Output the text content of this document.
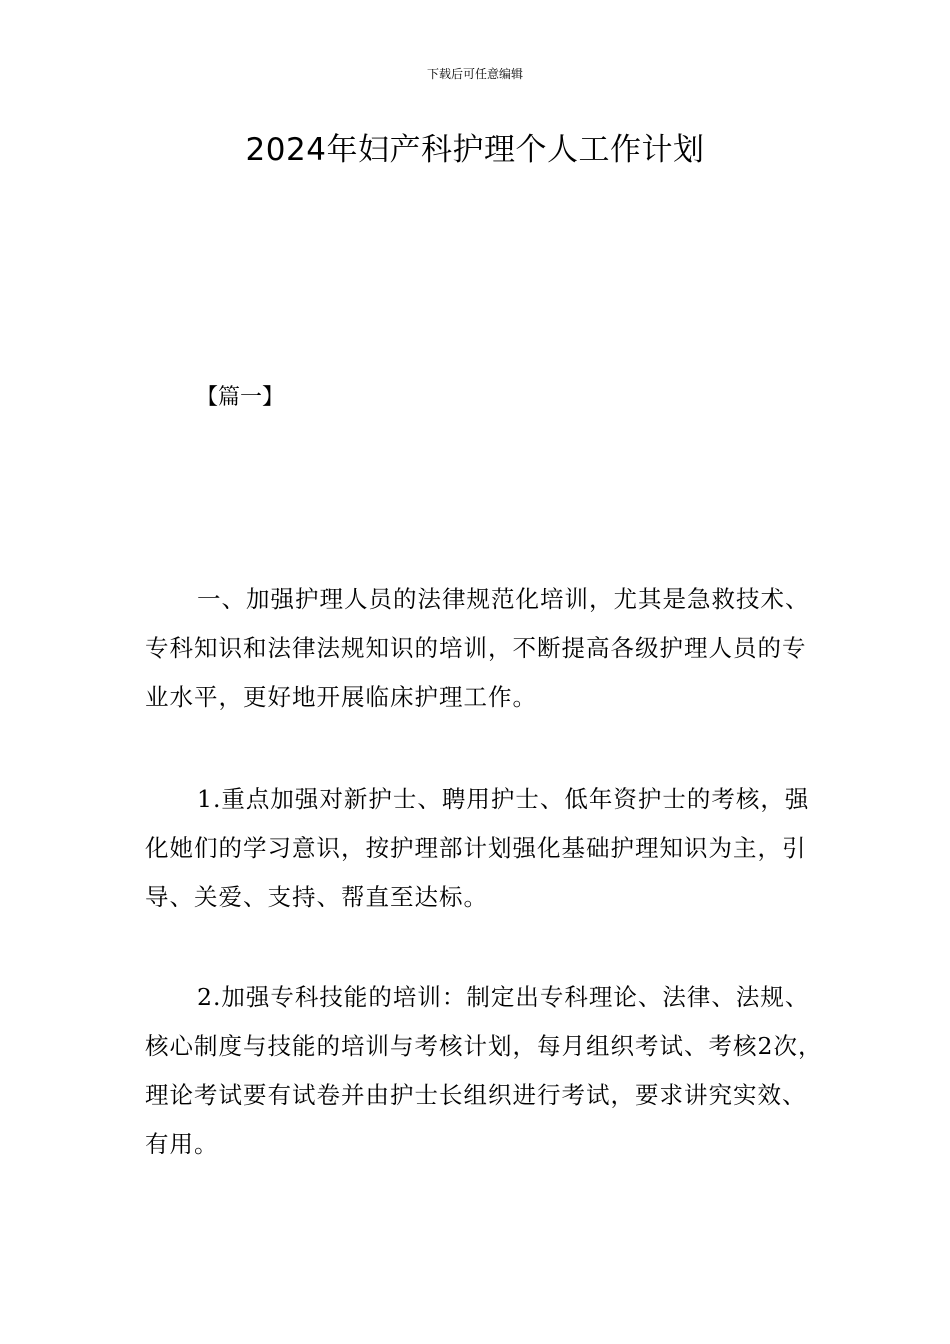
下载后可任意编辑
2024年妇产科护理个人工作计划
【篇一】

一、加强护理人员的法律规范化培训，尤其是急救技术、专科知识和法律法规知识的培训，不断提高各级护理人员的专业水平，更好地开展临床护理工作。

1.重点加强对新护士、聘用护士、低年资护士的考核，强化她们的学习意识，按护理部计划强化基础护理知识为主，引导、关爱、支持、帮直至达标。

2.加强专科技能的培训：制定出专科理论、法律、法规、核心制度与技能的培训与考核计划，每月组织考试、考核2次，理论考试要有试卷并由护士长组织进行考试，要求讲究实效、有用。
